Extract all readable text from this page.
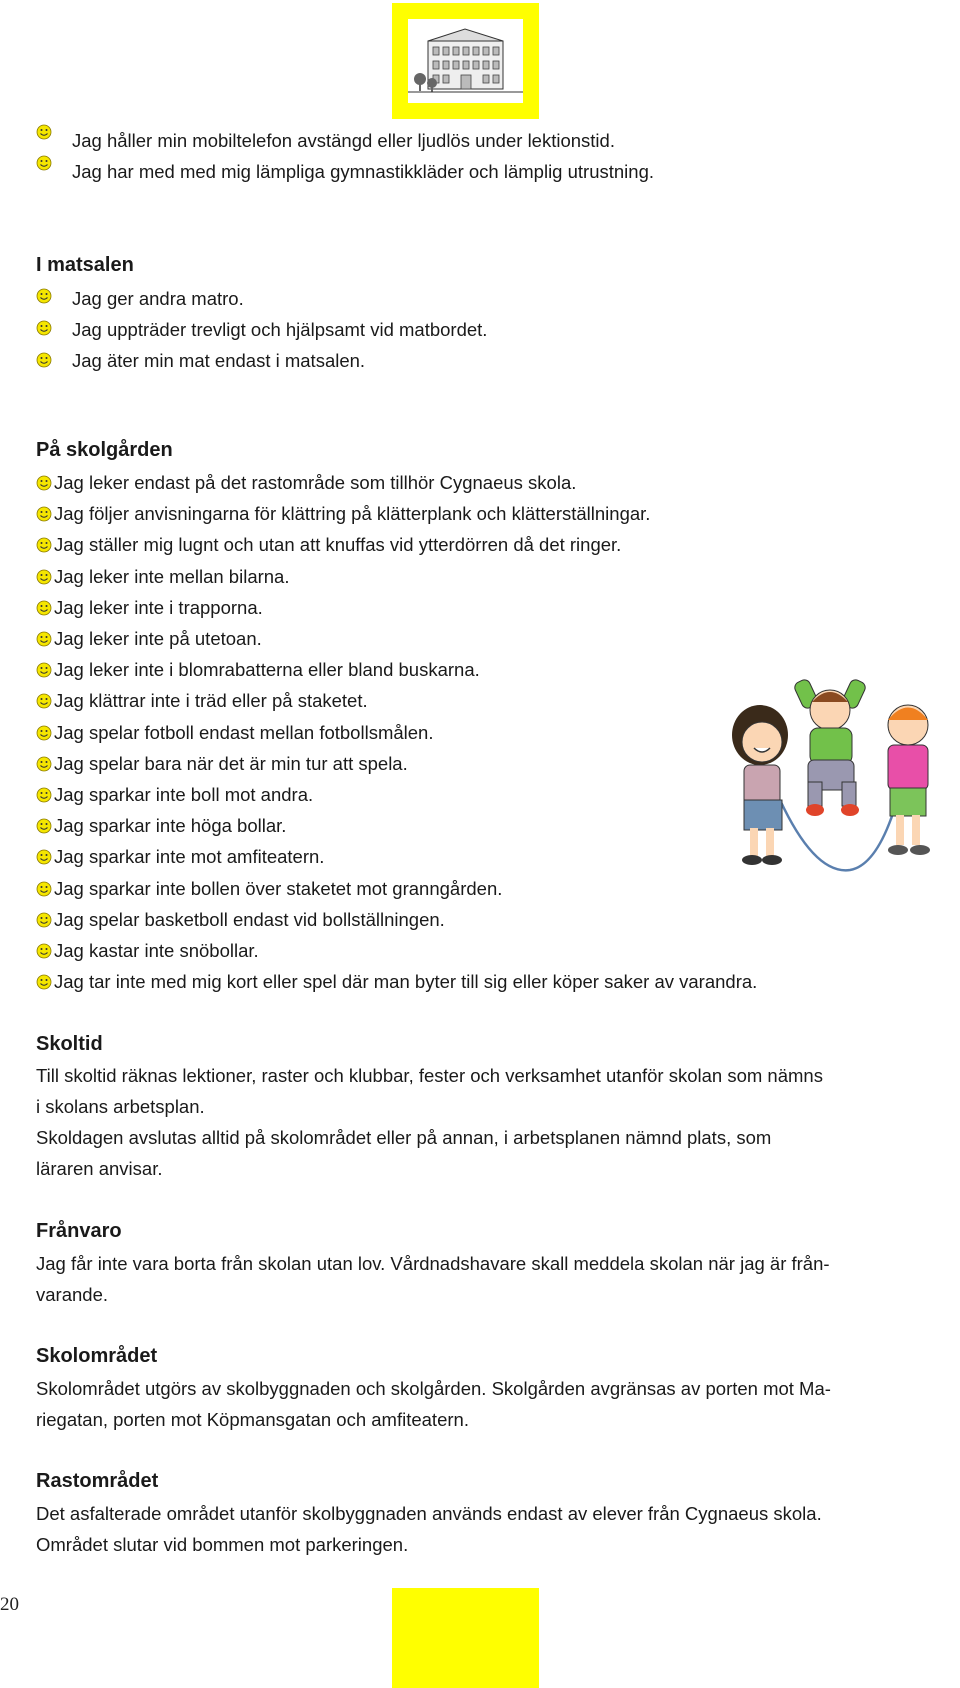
Jag håller min mobiltelefon avstängd eller ljudlös under lektionstid.
Jag har med med mig lämpliga gymnastikkläder och lämplig utrustning.
I matsalen
Jag ger andra matro.
Jag uppträder trevligt och hjälpsamt vid matbordet.
Jag äter min mat endast i matsalen.
På skolgården
Skoltid
Till skoltid räknas lektioner, raster och klubbar, fester och verksamhet utanför skolan som nämns
i skolans arbetsplan.
Skoldagen avslutas alltid på skolområdet eller på annan, i arbetsplanen nämnd plats, som
läraren anvisar.
Frånvaro
Jag får inte vara borta från skolan utan lov. Vårdnadshavare skall meddela skolan när jag är från-
varande.
Skolområdet
Skolområdet utgörs av skolbyggnaden och skolgården. Skolgården avgränsas av porten mot Ma-
riegatan, porten mot Köpmansgatan och amfiteatern.
Rastområdet
Det asfalterade området utanför skolbyggnaden används endast av elever från Cygnaeus skola.
Området slutar vid bommen mot parkeringen.
20
Jag leker endast på det rastområde som tillhör Cygnaeus skola.
Jag följer anvisningarna för klättring på klätterplank och klätterställningar.
Jag ställer mig lugnt och utan att knuffas vid ytterdörren då det ringer.
Jag leker inte mellan bilarna.
Jag leker inte i trapporna.
Jag leker inte på utetoan.
Jag leker inte i blomrabatterna eller bland buskarna.
Jag klättrar inte i träd eller på staketet.
Jag spelar fotboll endast mellan fotbollsmålen.
Jag spelar bara när det är min tur att spela.
Jag sparkar inte boll mot andra.
Jag sparkar inte höga bollar.
Jag sparkar inte mot amfiteatern.
Jag sparkar inte bollen över staketet mot granngården.
Jag spelar basketboll endast vid bollställningen.
Jag kastar inte snöbollar.
Jag tar inte med mig kort eller spel där man byter till sig eller köper saker av varandra.
